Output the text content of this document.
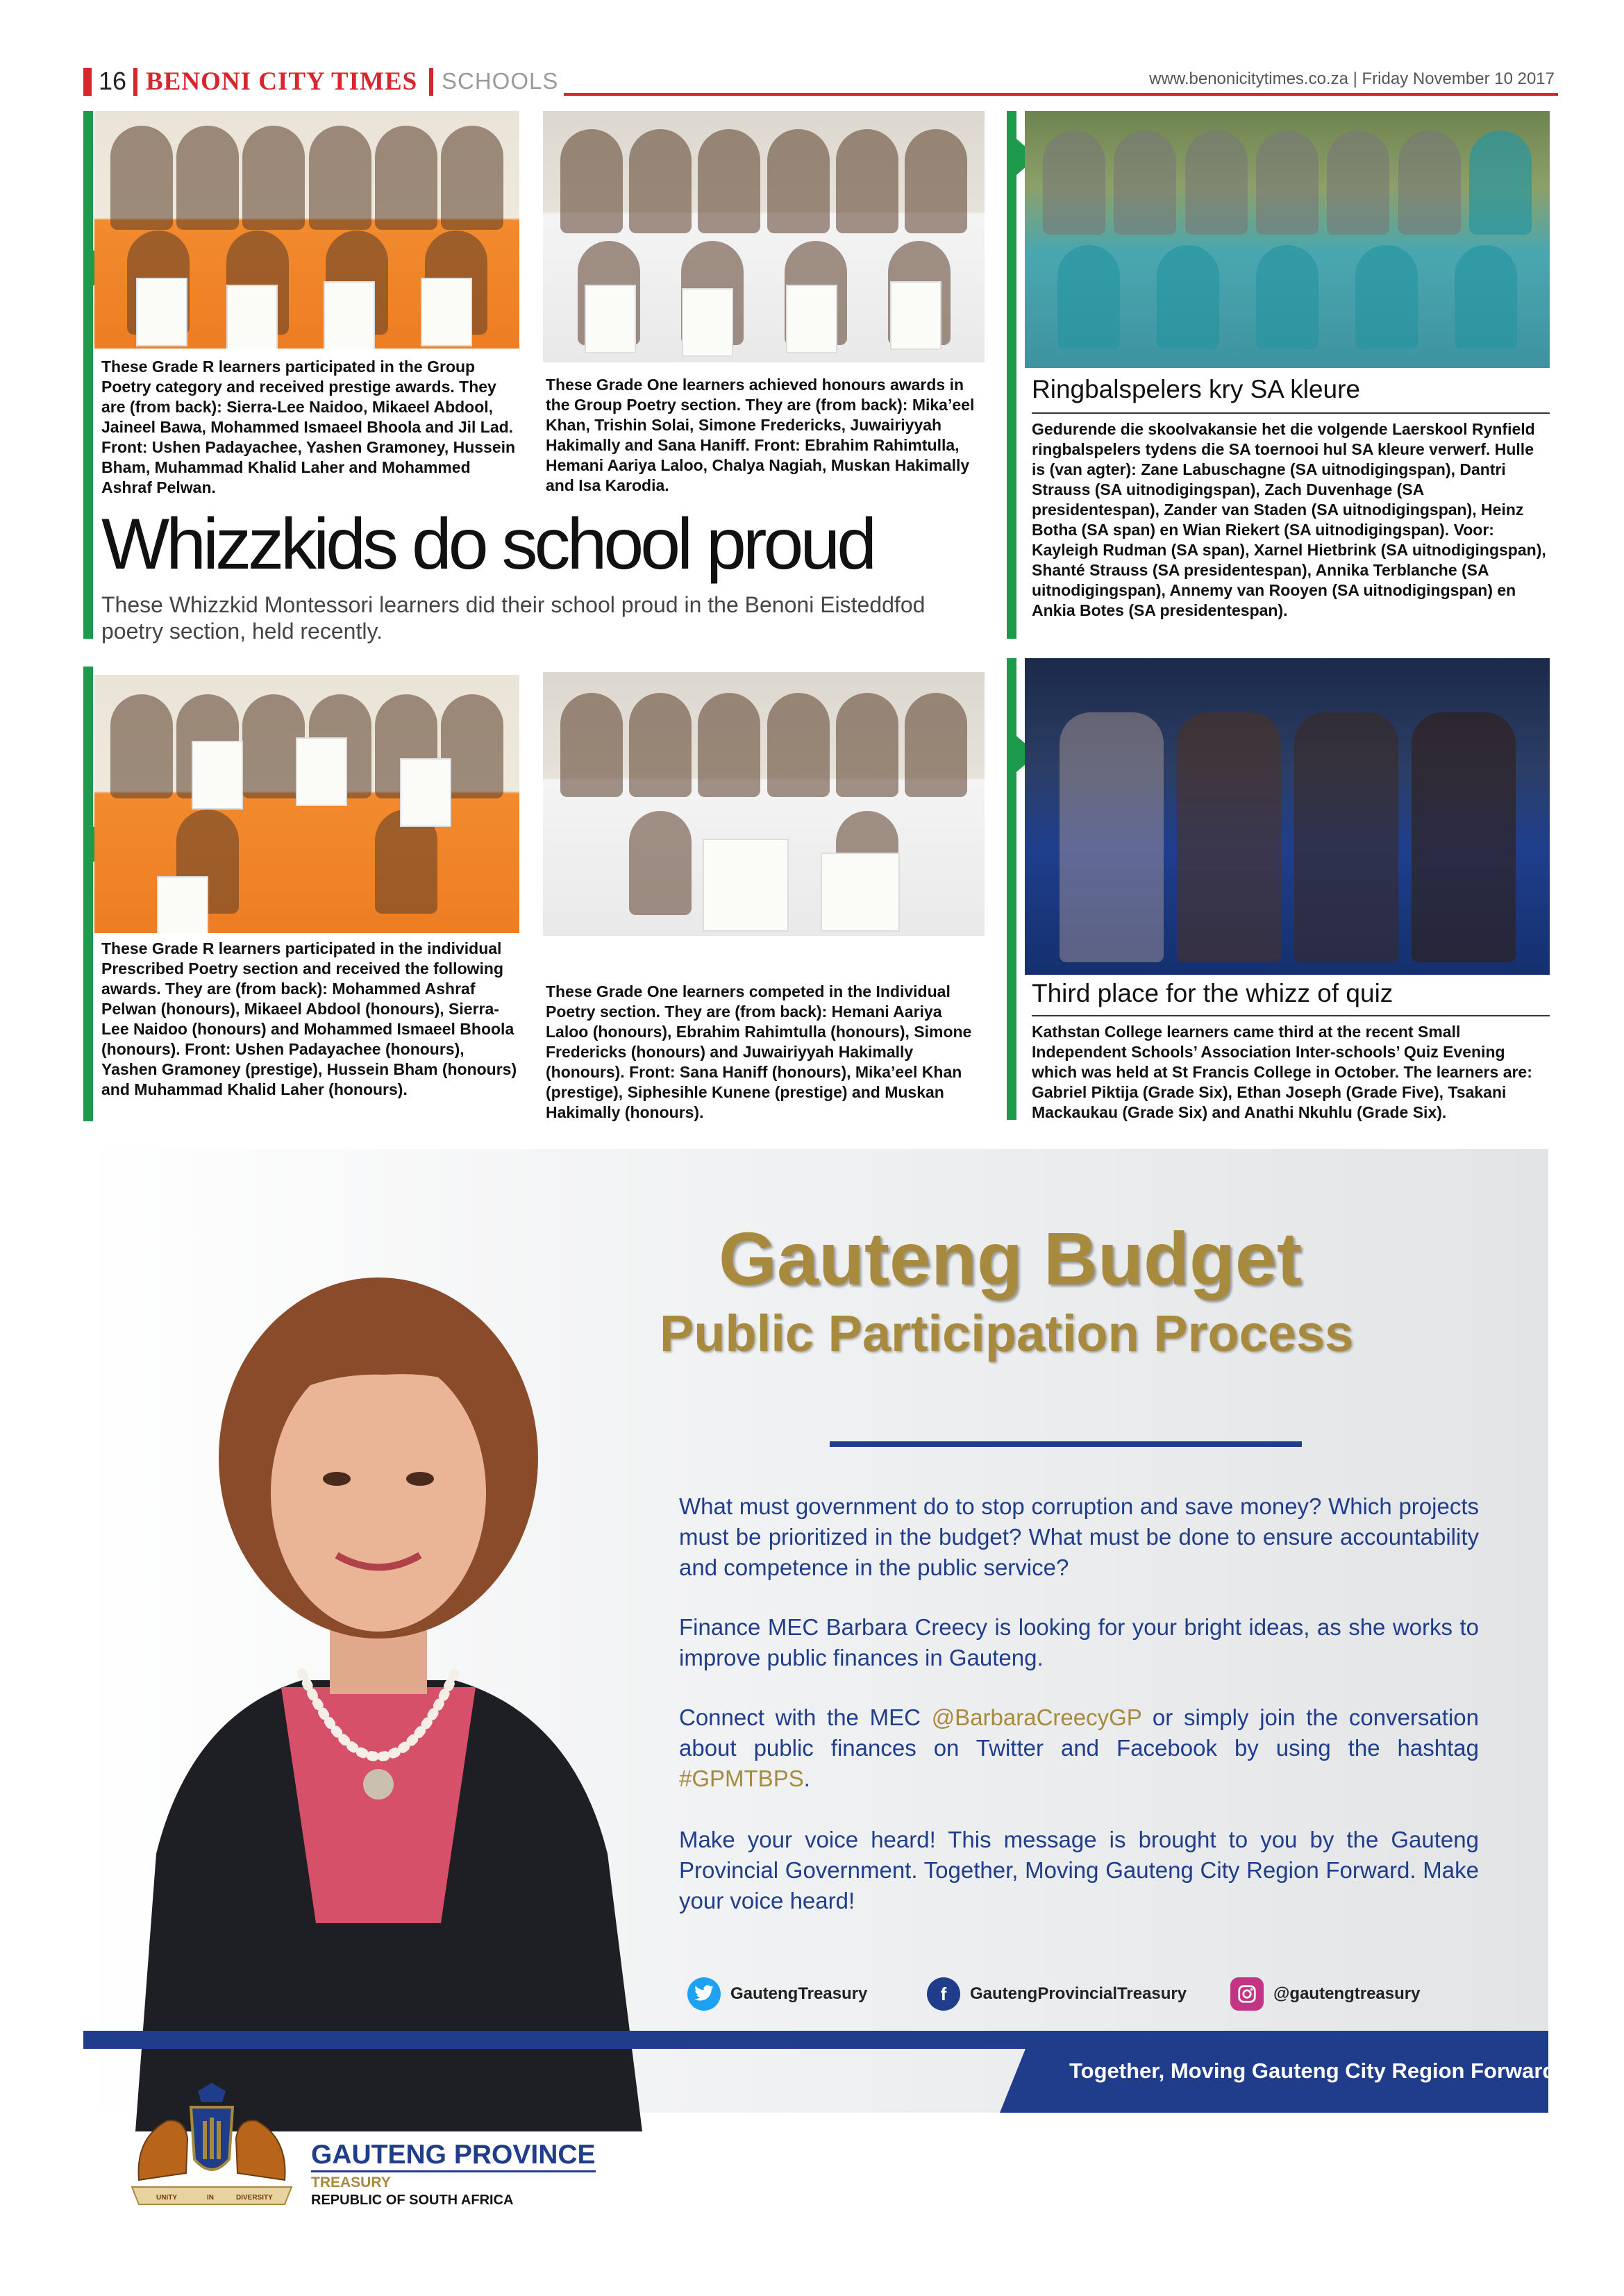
16 BENONI CITY TIMES SCHOOLS	www.benonicitytimes.co.za | Friday November 10 2017
These Grade R learners participated in the Group Poetry category and received prestige awards. They are (from back): Sierra-Lee Naidoo, Mikaeel Abdool, Jaineel Bawa, Mohammed Ismaeel Bhoola and Jil Lad. Front: Ushen Padayachee, Yashen Gramoney, Hussein Bham, Muhammad Khalid Laher and Mohammed Ashraf Pelwan.
These Grade One learners achieved honours awards in the Group Poetry section. They are (from back): Mika’eel Khan, Trishin Solai, Simone Fredericks, Juwairiyyah Hakimally and Sana Haniff. Front: Ebrahim Rahimtulla, Hemani Aariya Laloo, Chalya Nagiah, Muskan Hakimally and Isa Karodia.
Whizzkids do school proud
These Whizzkid Montessori learners did their school proud in the Benoni Eisteddfod poetry section, held recently.
These Grade R learners participated in the individual Prescribed Poetry section and received the following awards. They are (from back): Mohammed Ashraf Pelwan (honours), Mikaeel Abdool (honours), Sierra-Lee Naidoo (honours) and Mohammed Ismaeel Bhoola (honours). Front: Ushen Padayachee (honours), Yashen Gramoney (prestige), Hussein Bham (honours) and Muhammad Khalid Laher (honours).
These Grade One learners competed in the Individual Poetry section. They are (from back): Hemani Aariya Laloo (honours), Ebrahim Rahimtulla (honours), Simone Fredericks (honours) and Juwairiyyah Hakimally (honours). Front: Sana Haniff (honours), Mika’eel Khan (prestige), Siphesihle Kunene (prestige) and Muskan Hakimally (honours).
Ringbalspelers kry SA kleure
Gedurende die skoolvakansie het die volgende Laerskool Rynfield ringbalspelers tydens die SA toernooi hul SA kleure verwerf. Hulle is (van agter): Zane Labuschagne (SA uitnodigingspan), Dantri Strauss (SA uitnodigingspan), Zach Duvenhage (SA presidentespan), Zander van Staden (SA uitnodigingspan), Heinz Botha (SA span) en Wian Riekert (SA uitnodigingspan). Voor: Kayleigh Rudman (SA span), Xarnel Hietbrink (SA uitnodigingspan), Shanté Strauss (SA presidentespan), Annika Terblanche (SA uitnodigingspan), Annemy van Rooyen (SA uitnodigingspan) en Ankia Botes (SA presidentespan).
Third place for the whizz of quiz
Kathstan College learners came third at the recent Small Independent Schools’ Association Inter-schools’ Quiz Evening which was held at St Francis College in October. The learners are: Gabriel Piktija (Grade Six), Ethan Joseph (Grade Five), Tsakani Mackaukau (Grade Six) and Anathi Nkuhlu (Grade Six).
Gauteng Budget
Public Participation Process
What must government do to stop corruption and save money? Which projects must be prioritized in the budget? What must be done to ensure accountability and competence in the public service?
Finance MEC Barbara Creecy is looking for your bright ideas, as she works to improve public finances in Gauteng.
Connect with the MEC @BarbaraCreecyGP or simply join the conversation about public finances on Twitter and Facebook by using the hashtag #GPMTBPS.
Make your voice heard! This message is brought to you by the Gauteng Provincial Government. Together, Moving Gauteng City Region Forward. Make your voice heard!
GautengTreasury	f	GautengProvincialTreasury	@gautengtreasury
Together, Moving Gauteng City Region Forward
UNITY	IN	DIVERSITY
GAUTENG PROVINCE
TREASURY
REPUBLIC OF SOUTH AFRICA
